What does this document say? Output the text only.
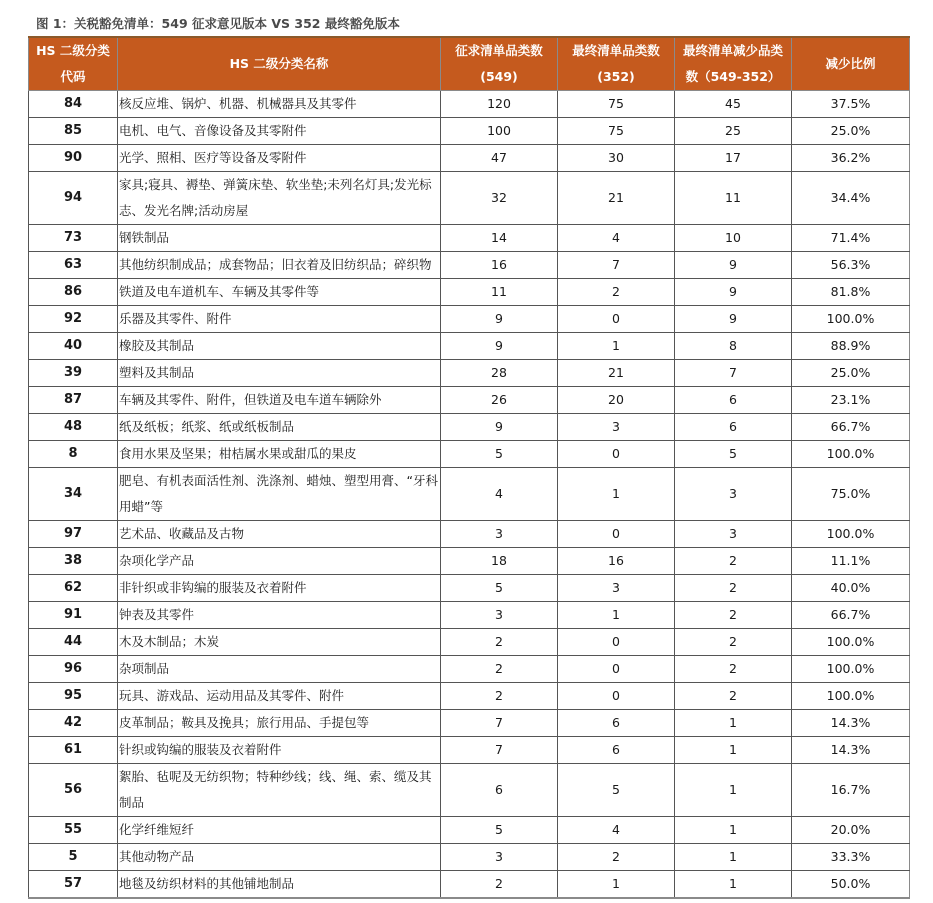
图 1：关税豁免清单：549 征求意见版本 VS 352 最终豁免版本
HS 二级分类代码	HS 二级分类名称	征求清单品类数 (549)	最终清单品类数 (352)	最终清单减少品类数（549-352）	减少比例
84	核反应堆、锅炉、机器、机械器具及其零件	120	75	45	37.5%
85	电机、电气、音像设备及其零附件	100	75	25	25.0%
90	光学、照相、医疗等设备及零附件	47	30	17	36.2%
94	家具;寝具、褥垫、弹簧床垫、软坐垫;未列名灯具;发光标志、发光名牌;活动房屋	32	21	11	34.4%
73	钢铁制品	14	4	10	71.4%
63	其他纺织制成品；成套物品；旧衣着及旧纺织品；碎织物	16	7	9	56.3%
86	铁道及电车道机车、车辆及其零件等	11	2	9	81.8%
92	乐器及其零件、附件	9	0	9	100.0%
40	橡胶及其制品	9	1	8	88.9%
39	塑料及其制品	28	21	7	25.0%
87	车辆及其零件、附件，但铁道及电车道车辆除外	26	20	6	23.1%
48	纸及纸板；纸浆、纸或纸板制品	9	3	6	66.7%
8	食用水果及坚果；柑桔属水果或甜瓜的果皮	5	0	5	100.0%
34	肥皂、有机表面活性剂、洗涤剂、蜡烛、塑型用膏、“牙科用蜡”等	4	1	3	75.0%
97	艺术品、收藏品及古物	3	0	3	100.0%
38	杂项化学产品	18	16	2	11.1%
62	非针织或非钩编的服装及衣着附件	5	3	2	40.0%
91	钟表及其零件	3	1	2	66.7%
44	木及木制品；木炭	2	0	2	100.0%
96	杂项制品	2	0	2	100.0%
95	玩具、游戏品、运动用品及其零件、附件	2	0	2	100.0%
42	皮革制品；鞍具及挽具；旅行用品、手提包等	7	6	1	14.3%
61	针织或钩编的服装及衣着附件	7	6	1	14.3%
56	絮胎、毡呢及无纺织物；特种纱线；线、绳、索、缆及其制品	6	5	1	16.7%
55	化学纤维短纤	5	4	1	20.0%
5	其他动物产品	3	2	1	33.3%
57	地毯及纺织材料的其他铺地制品	2	1	1	50.0%
